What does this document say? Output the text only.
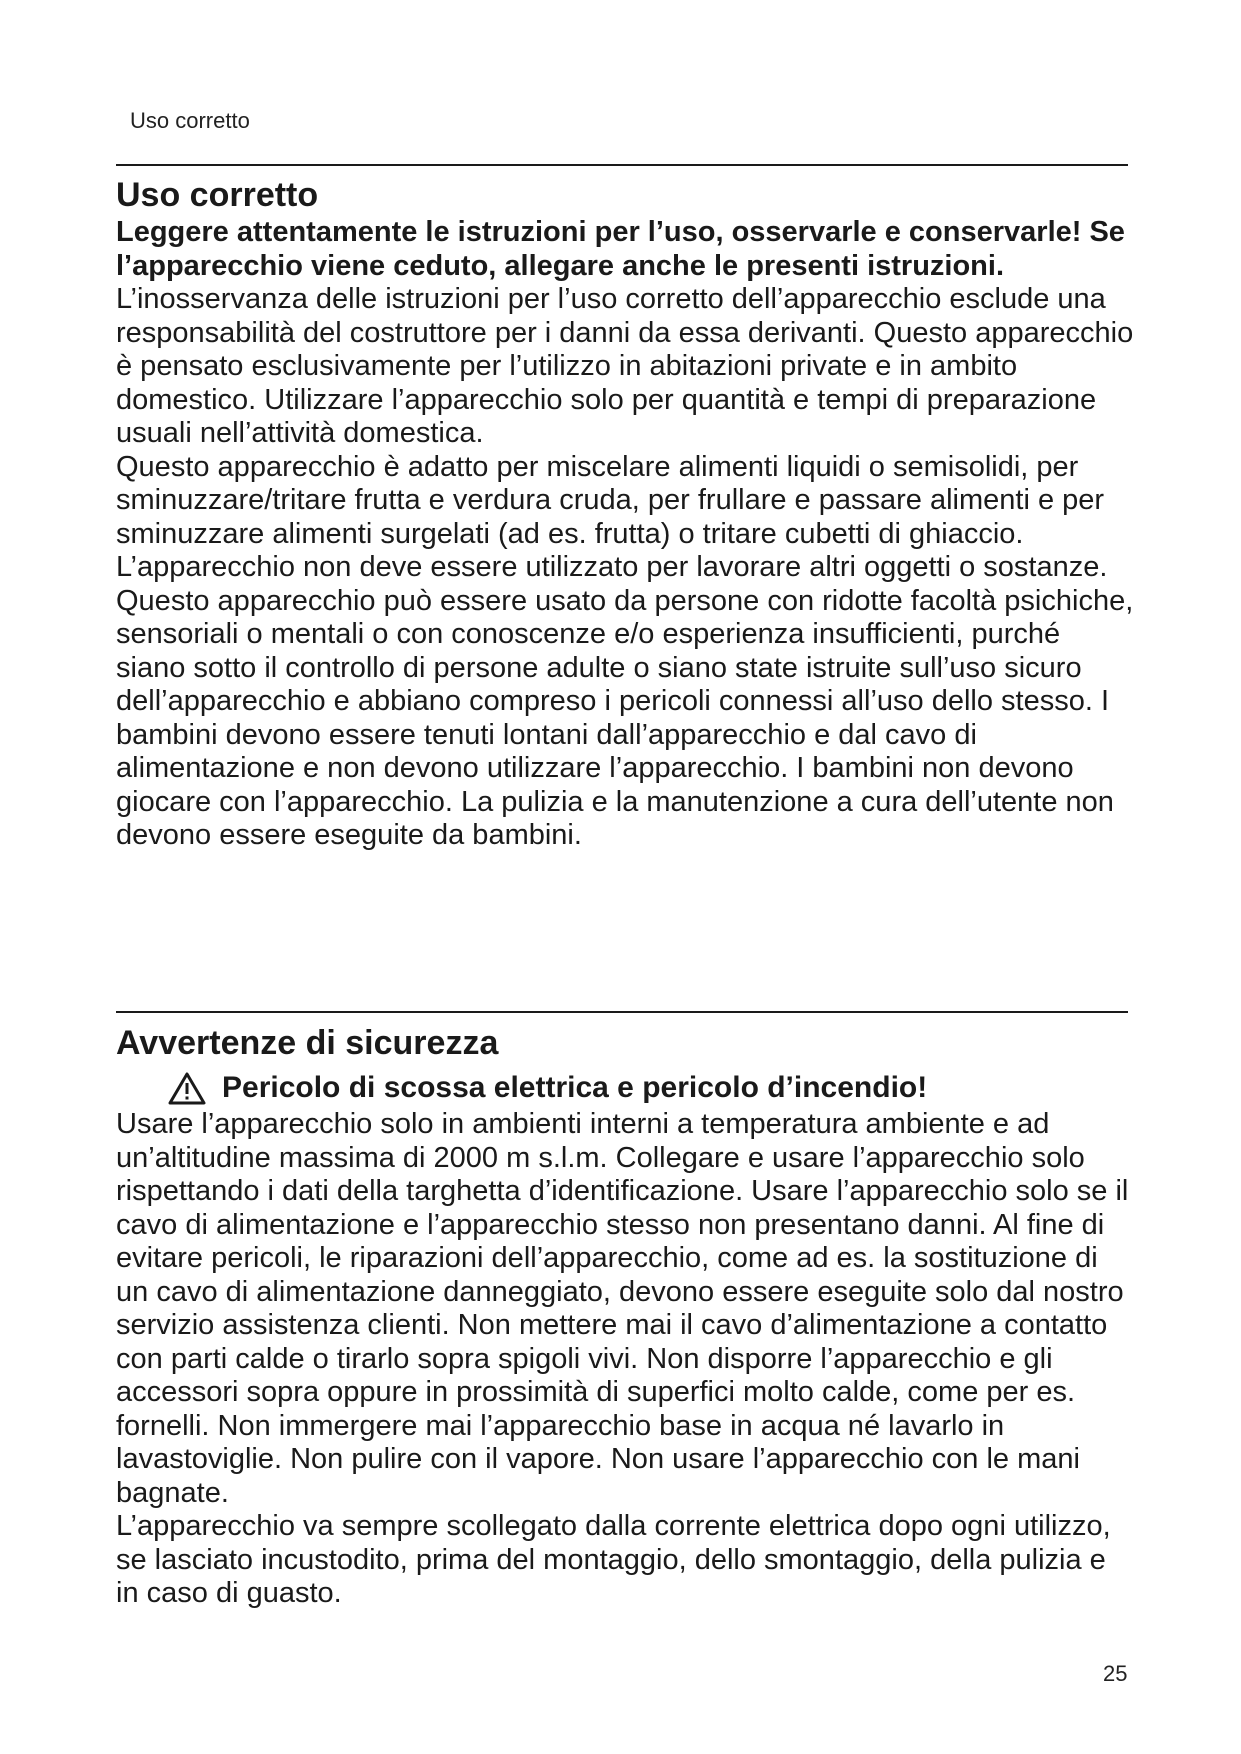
Uso corretto
Uso corretto

Leggere attentamente le istruzioni per l’uso, osservarle e conservarle! Se l’apparecchio viene ceduto, allegare anche le presenti istruzioni.

L’inosservanza delle istruzioni per l’uso corretto dell’apparecchio esclude una responsabilità del costruttore per i danni da essa derivanti. Questo apparecchio è pensato esclusivamente per l’utilizzo in abitazioni private e in ambito domestico. Utilizzare l’apparecchio solo per quantità e tempi di preparazione usuali nell’attività domestica.

Questo apparecchio è adatto per miscelare alimenti liquidi o semisolidi, per sminuzzare/tritare frutta e verdura cruda, per frullare e passare alimenti e per sminuzzare alimenti surgelati (ad es. frutta) o tritare cubetti di ghiaccio. L’apparecchio non deve essere utilizzato per lavorare altri oggetti o sostanze.

Questo apparecchio può essere usato da persone con ridotte facoltà psichiche, sensoriali o mentali o con conoscenze e/o esperienza insufficienti, purché siano sotto il controllo di persone adulte o siano state istruite sull’uso sicuro dell’apparecchio e abbiano compreso i pericoli connessi all’uso dello stesso. I bambini devono essere tenuti lontani dall’apparecchio e dal cavo di alimentazione e non devono utilizzare l’apparecchio. I bambini non devono giocare con l’apparecchio. La pulizia e la manutenzione a cura dell’utente non devono essere eseguite da bambini.

Avvertenze di sicurezza
Pericolo di scossa elettrica e pericolo d’incendio!

Usare l’apparecchio solo in ambienti interni a temperatura ambiente e ad un’altitudine massima di 2000 m s.l.m. Collegare e usare l’apparecchio solo rispettando i dati della targhetta d’identificazione. Usare l’apparecchio solo se il cavo di alimentazione e l’apparecchio stesso non presentano danni. Al fine di evitare pericoli, le riparazioni dell’apparecchio, come ad es. la sostituzione di un cavo di alimentazione danneggiato, devono essere eseguite solo dal nostro servizio assistenza clienti. Non mettere mai il cavo d’alimentazione a contatto con parti calde o tirarlo sopra spigoli vivi. Non disporre l’apparecchio e gli accessori sopra oppure in prossimità di superfici molto calde, come per es. fornelli. Non immergere mai l’apparecchio base in acqua né lavarlo in lavastoviglie. Non pulire con il vapore. Non usare l’apparecchio con le mani bagnate.

L’apparecchio va sempre scollegato dalla corrente elettrica dopo ogni utilizzo, se lasciato incustodito, prima del montaggio, dello smontaggio, della pulizia e in caso di guasto.

25
